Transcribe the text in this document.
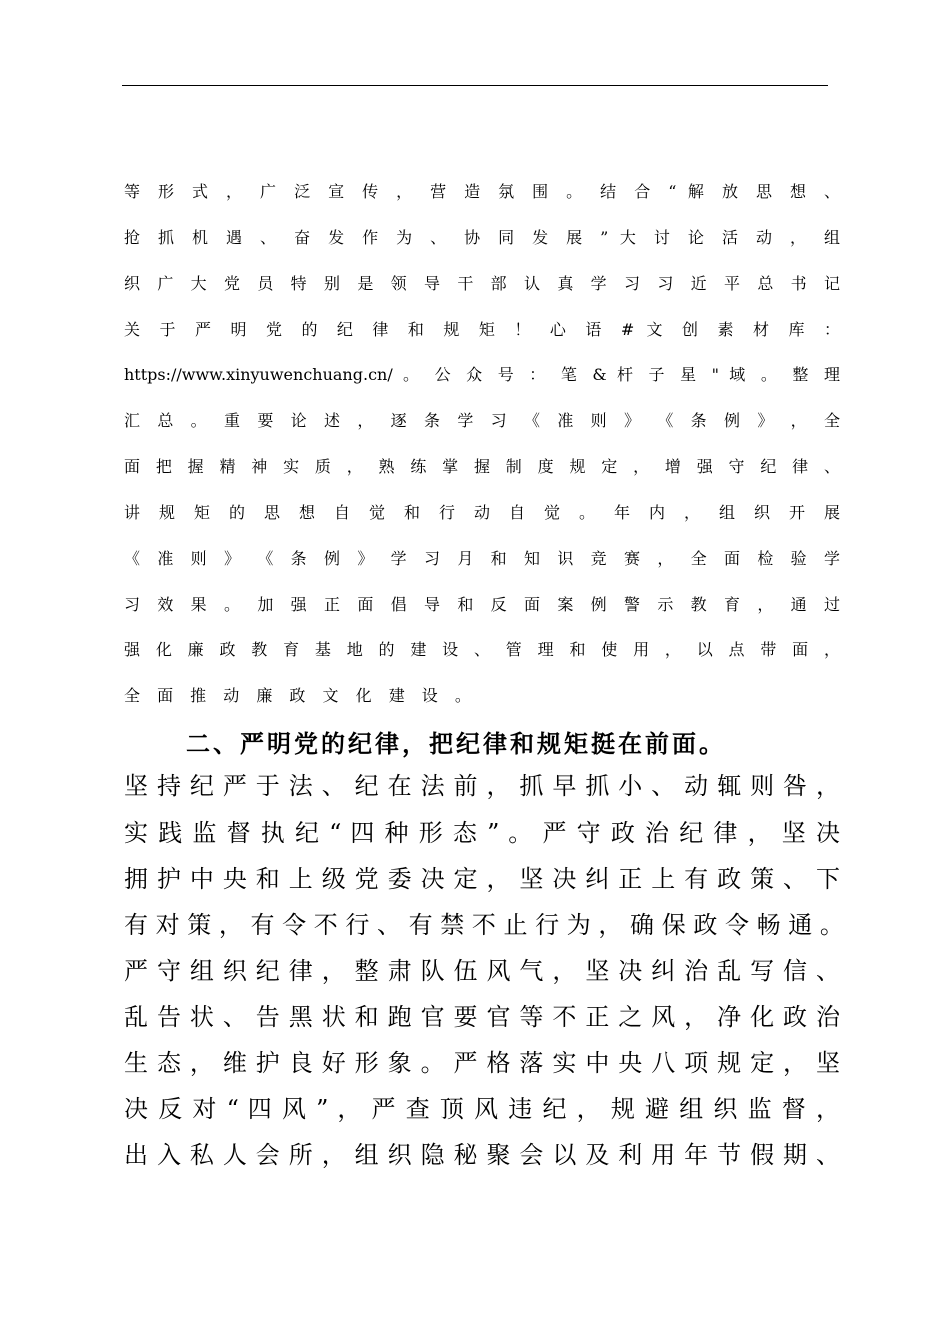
等 形 式 ， 广 泛 宣 传 ， 营 造 氛 围 。 结 合 “ 解 放 思 想 、
抢 抓 机 遇 、 奋 发 作 为 、 协 同 发 展 ” 大 讨 论 活 动 ， 组
织 广 大 党 员 特 别 是 领 导 干 部 认 真 学 习 习 近 平 总 书 记
关 于 严 明 党 的 纪 律 和 规 矩 ！ 心 语 # 文 创 素 材 库 ：
https://www.xinyuwenchuang.cn/ 。 公 众 号 ： 笔 & 杆 子 星 " 域 。 整 理
汇 总 。 重 要 论 述 ， 逐 条 学 习 《 准 则 》 《 条 例 》 ， 全
面 把 握 精 神 实 质 ， 熟 练 掌 握 制 度 规 定 ， 增 强 守 纪 律 、
讲 规 矩 的 思 想 自 觉 和 行 动 自 觉 。 年 内 ， 组 织 开 展
《 准 则 》 《 条 例 》 学 习 月 和 知 识 竞 赛 ， 全 面 检 验 学
习 效 果 。 加 强 正 面 倡 导 和 反 面 案 例 警 示 教 育 ， 通 过
强 化 廉 政 教 育 基 地 的 建 设 、 管 理 和 使 用 ， 以 点 带 面 ，
全 面 推 动 廉 政 文 化 建 设 。
二、严明党的纪律，把纪律和规矩挺在前面。
坚 持 纪 严 于 法 、 纪 在 法 前 ， 抓 早 抓 小 、 动 辄 则 咎 ，
实 践 监 督 执 纪 “ 四 种 形 态 ” 。 严 守 政 治 纪 律 ， 坚 决
拥 护 中 央 和 上 级 党 委 决 定 ， 坚 决 纠 正 上 有 政 策 、 下
有 对 策 ， 有 令 不 行 、 有 禁 不 止 行 为 ， 确 保 政 令 畅 通 。
严 守 组 织 纪 律 ， 整 肃 队 伍 风 气 ， 坚 决 纠 治 乱 写 信 、
乱 告 状 、 告 黑 状 和 跑 官 要 官 等 不 正 之 风 ， 净 化 政 治
生 态 ， 维 护 良 好 形 象 。 严 格 落 实 中 央 八 项 规 定 ， 坚
决 反 对 “ 四 风 ” ， 严 查 顶 风 违 纪 ， 规 避 组 织 监 督 ，
出 入 私 人 会 所 ， 组 织 隐 秘 聚 会 以 及 利 用 年 节 假 期 、
